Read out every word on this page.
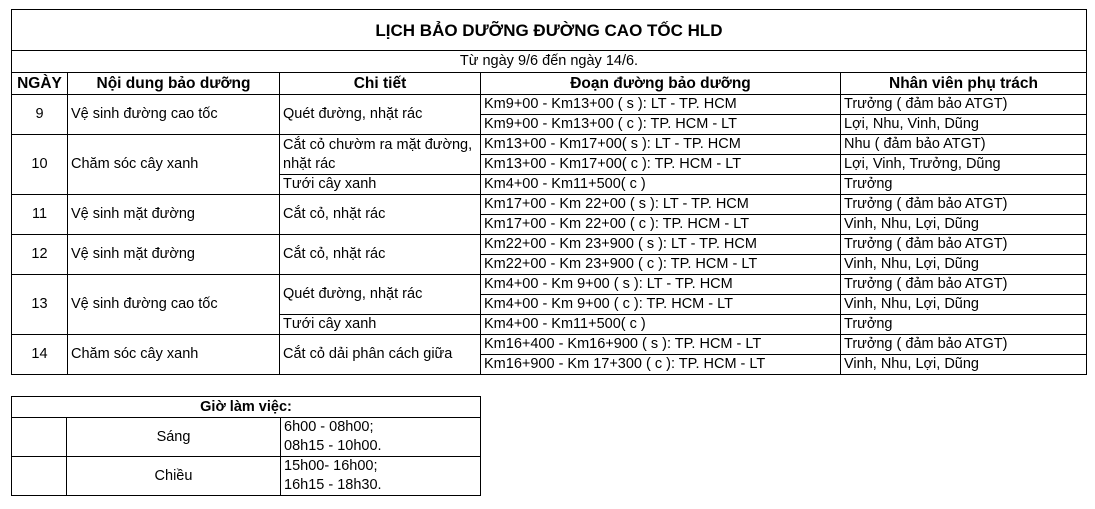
LỊCH BẢO DƯỠNG ĐƯỜNG CAO TỐC HLD				
Từ ngày 9/6 đến ngày 14/6.				
NGÀY	Nội dung bảo dưỡng	Chi tiết	Đoạn đường bảo dưỡng	Nhân viên phụ trách
9	Vệ sinh đường cao tốc	Quét đường, nhặt rác	Km9+00 - Km13+00 ( s ): LT - TP. HCM	Trưởng ( đảm bảo ATGT)
			Km9+00 - Km13+00 ( c ): TP. HCM - LT	Lợi, Nhu, Vinh, Dũng
10	Chăm sóc cây xanh	Cắt cỏ chườm ra mặt đường, nhặt rác	Km13+00 - Km17+00( s ): LT - TP. HCM	Nhu ( đảm bảo ATGT)
			Km13+00 - Km17+00( c ): TP. HCM - LT	Lợi, Vinh, Trưởng, Dũng
		Tưới cây xanh	Km4+00 - Km11+500( c )	Trưởng
11	Vệ sinh mặt đường	Cắt cỏ, nhặt rác	Km17+00 - Km 22+00 ( s ): LT - TP. HCM	Trưởng ( đảm bảo ATGT)
			Km17+00 - Km 22+00 ( c ): TP. HCM - LT	Vinh, Nhu, Lợi, Dũng
12	Vệ sinh mặt đường	Cắt cỏ, nhặt rác	Km22+00 - Km 23+900 ( s ): LT - TP. HCM	Trưởng ( đảm bảo ATGT)
			Km22+00 - Km 23+900 ( c ): TP. HCM - LT	Vinh, Nhu, Lợi, Dũng
13	Vệ sinh đường cao tốc	Quét đường, nhặt rác	Km4+00 - Km 9+00 ( s ): LT - TP. HCM	Trưởng ( đảm bảo ATGT)
			Km4+00 - Km 9+00 ( c ): TP. HCM - LT	Vinh, Nhu, Lợi, Dũng
		Tưới cây xanh	Km4+00 - Km11+500( c )	Trưởng
14	Chăm sóc cây xanh	Cắt cỏ dải phân cách giữa	Km16+400 - Km16+900 ( s ): TP. HCM - LT	Trưởng ( đảm bảo ATGT)
			Km16+900 - Km 17+300 ( c ): TP. HCM - LT	Vinh, Nhu, Lợi, Dũng
Giờ làm việc:		
	Sáng	6h00 - 08h00;
08h15 - 10h00.

	Chiều	15h00- 16h00;
16h15 - 18h30.
